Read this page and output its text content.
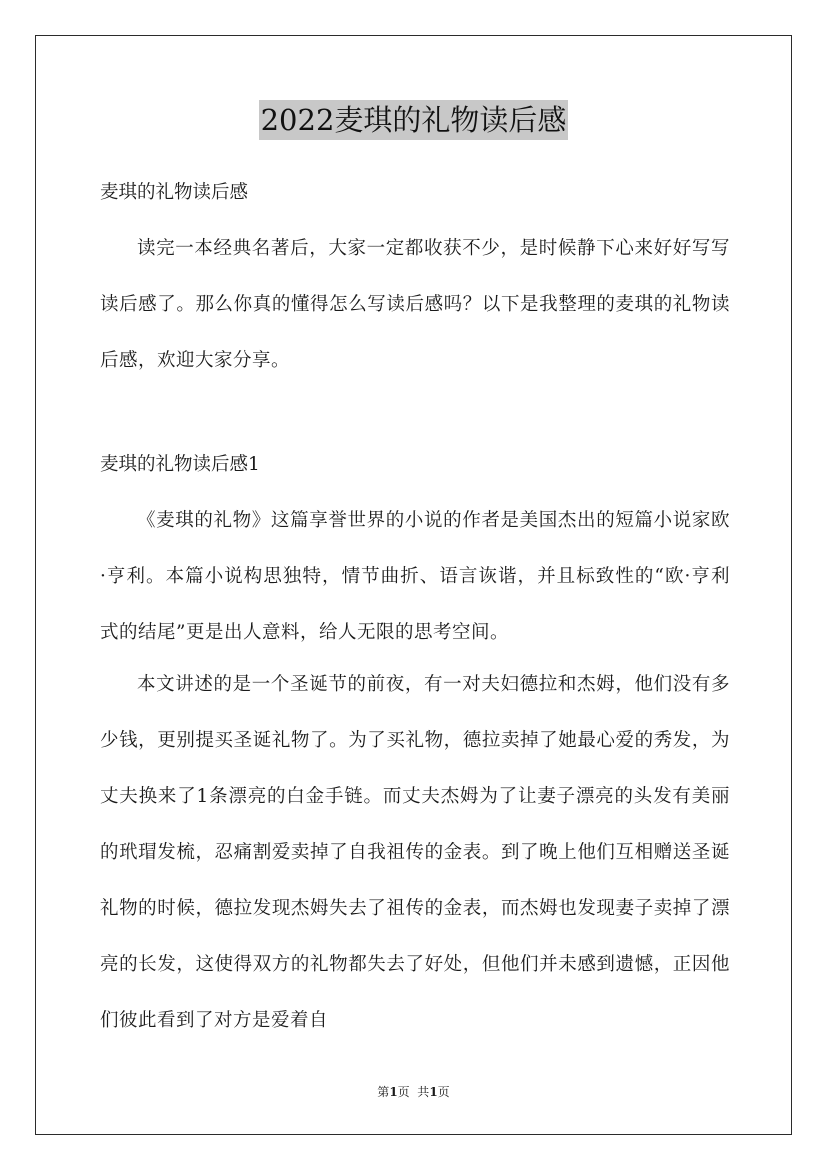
2022麦琪的礼物读后感

麦琪的礼物读后感

读完一本经典名著后，大家一定都收获不少，是时候静下心来好好写写读后感了。那么你真的懂得怎么写读后感吗？以下是我整理的麦琪的礼物读后感，欢迎大家分享。

麦琪的礼物读后感1

《麦琪的礼物》这篇享誉世界的小说的作者是美国杰出的短篇小说家欧·亨利。本篇小说构思独特，情节曲折、语言诙谐，并且标致性的“欧·亨利式的结尾”更是出人意料，给人无限的思考空间。

本文讲述的是一个圣诞节的前夜，有一对夫妇德拉和杰姆，他们没有多少钱，更别提买圣诞礼物了。为了买礼物，德拉卖掉了她最心爱的秀发，为丈夫换来了1条漂亮的白金手链。而丈夫杰姆为了让妻子漂亮的头发有美丽的玳瑁发梳，忍痛割爱卖掉了自我祖传的金表。到了晚上他们互相赠送圣诞礼物的时候，德拉发现杰姆失去了祖传的金表，而杰姆也发现妻子卖掉了漂亮的长发，这使得双方的礼物都失去了好处，但他们并未感到遗憾，正因他们彼此看到了对方是爱着自

第1页  共1页
